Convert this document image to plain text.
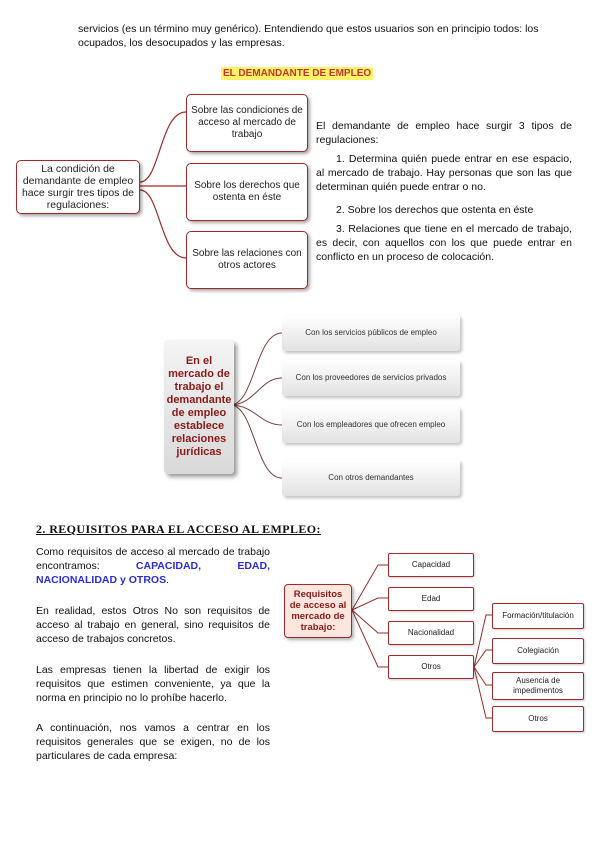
servicios (es un término muy genérico). Entendiendo que estos usuarios son en principio todos: los

ocupados, los desocupados y las empresas.

EL DEMANDANTE DE EMPLEO
La condición de demandante de empleo hace surgir tres tipos de regulaciones:
Sobre las condiciones de acceso al mercado de trabajo
Sobre los derechos que ostenta en éste
Sobre las relaciones con otros actores

El demandante de empleo hace surgir 3 tipos de regulaciones:

1. Determina quién puede entrar en ese espacio, al mercado de trabajo. Hay personas que son las que determinan quién puede entrar o no.

2. Sobre los derechos que ostenta en éste

3. Relaciones que tiene en el mercado de trabajo, es decir, con aquellos con los que puede entrar en conflicto en un proceso de colocación.

En el mercado de trabajo el demandante de empleo establece relaciones jurídicas
Con los servicios públicos de empleo
Con los proveedores de servicios privados
Con los empleadores que ofrecen empleo
Con otros demandantes
2. REQUISITOS PARA EL ACCESO AL EMPLEO:

Como requisitos de acceso al mercado de trabajo encontramos: CAPACIDAD, EDAD, NACIONALIDAD y OTROS.

En realidad, estos Otros No son requisitos de acceso al trabajo en general, sino requisitos de acceso de trabajos concretos.

Las empresas tienen la libertad de exigir los requisitos que estimen conveniente, ya que la norma en principio no lo prohíbe hacerlo.

A continuación, nos vamos a centrar en los requisitos generales que se exigen, no de los particulares de cada empresa:

Requisitos de acceso al mercado de trabajo:
Capacidad
Edad
Nacionalidad
Otros
Formación/titulación
Colegiación
Ausencia de impedimentos
Otros
